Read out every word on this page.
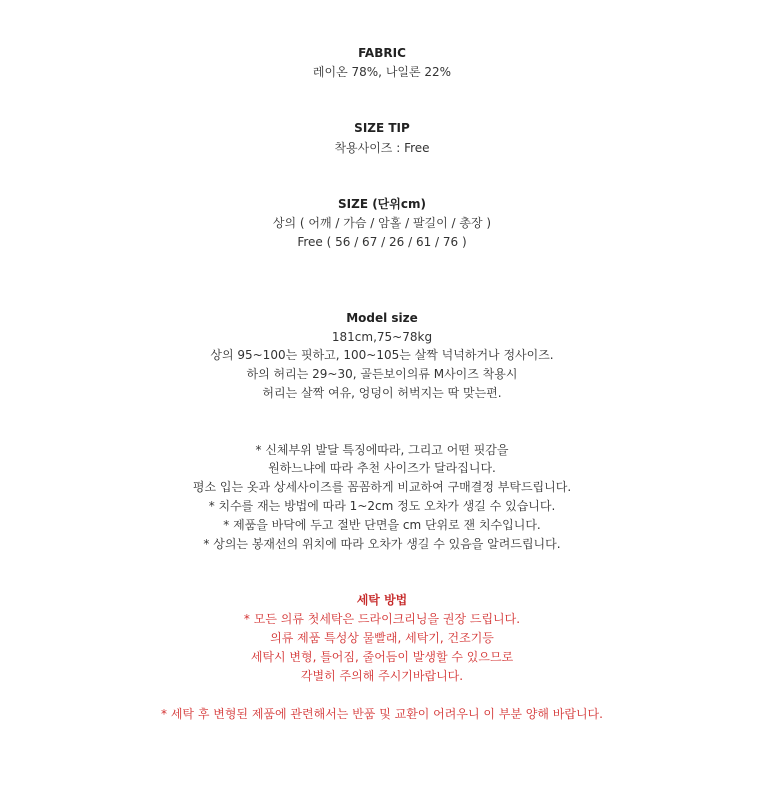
FABRIC
레이온 78%, 나일론 22%
SIZE TIP
착용사이즈 : Free
SIZE (단위cm)
상의 ( 어깨 / 가슴 / 암홀 / 팔길이 / 총장 )
Free ( 56 / 67 / 26 / 61 / 76 )
Model size
181cm,75~78kg
상의 95~100는 핏하고, 100~105는 살짝 넉넉하거나 정사이즈.
하의 허리는 29~30, 골든보이의류 M사이즈 착용시
허리는 살짝 여유, 엉덩이 허벅지는 딱 맞는편.
* 신체부위 발달 특징에따라, 그리고 어떤 핏감을
원하느냐에 따라 추천 사이즈가 달라집니다.
평소 입는 옷과 상세사이즈를 꼼꼼하게 비교하여 구매결정 부탁드립니다.
* 치수를 재는 방법에 따라 1~2cm 정도 오차가 생길 수 있습니다.
* 제품을 바닥에 두고 절반 단면을 cm 단위로 잰 치수입니다.
* 상의는 봉재선의 위치에 따라 오차가 생길 수 있음을 알려드립니다.
세탁 방법
* 모든 의류 첫세탁은 드라이크리닝을 권장 드립니다.
의류 제품 특성상 물빨래, 세탁기, 건조기등
세탁시 변형, 틀어짐, 줄어듬이 발생할 수 있으므로
각별히 주의해 주시기바랍니다.
* 세탁 후 변형된 제품에 관련해서는 반품 및 교환이 어려우니 이 부분 양해 바랍니다.
